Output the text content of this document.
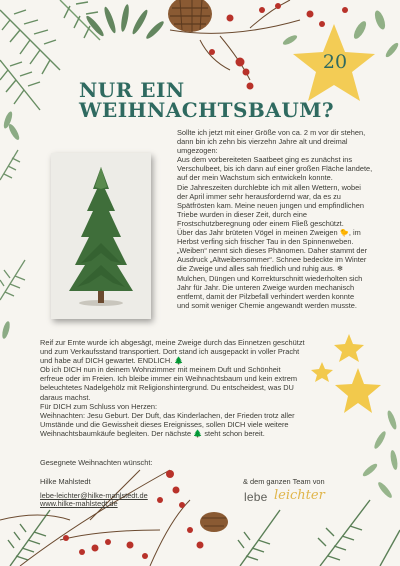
NUR EIN
WEIHNACHTSBAUM?
20

Sollte ich jetzt mit einer Größe von ca. 2 m vor dir stehen,

dann bin ich zehn bis vierzehn Jahre alt und dreimal

umgezogen:

Aus dem vorbereiteten Saatbeet ging es zunächst ins

Verschulbeet, bis ich dann auf einer großen Fläche landete,

auf der mein Wachstum sich entwickeln konnte.

Die Jahreszeiten durchlebte ich mit allen Wettern, wobei

der April immer sehr herausfordernd war, da es zu

Spätfrösten kam. Meine neuen jungen und empfindlichen

Triebe wurden in dieser Zeit, durch eine

Frostschutzberegnung oder einem Fließ geschützt.

Über das Jahr brüteten Vögel in meinen Zweigen 🐤, im

Herbst verfing sich frischer Tau in den Spinnenweben.

„Weiben“ nennt sich dieses Phänomen. Daher stammt der

Ausdruck „Altweibersommer“. Schnee bedeckte im Winter

die Zweige und alles sah friedlich und ruhig aus. ❄

Mulchen, Düngen und Korrekturschnitt wiederholten sich

Jahr für Jahr. Die unteren Zweige wurden mechanisch

entfernt, damit der Pilzbefall verhindert werden konnte

und somit weniger Chemie angewandt werden musste.

Reif zur Ernte wurde ich abgesägt, meine Zweige durch das Einnetzen geschützt

und zum Verkaufsstand transportiert. Dort stand ich ausgepackt in voller Pracht

und habe auf DICH gewartet. ENDLICH. 🌲

Ob ich DICH nun in deinem Wohnzimmer mit meinem Duft und Schönheit

erfreue oder im Freien. Ich bleibe immer ein Weihnachtsbaum und kein extrem

beleuchtetes Nadelgehölz mit Religionshintergrund. Du entscheidest, was DU

daraus machst.

Für DICH zum Schluss von Herzen:

Weihnachten: Jesu Geburt. Der Duft, das Kinderlachen, der Frieden trotz aller

Umstände und die Gewissheit dieses Ereignisses, sollen DICH viele weitere

Weihnachtsbaumkäufe begleiten. Der nächste 🌲 steht schon bereit.

Gesegnete Weihnachten wünscht:

Hilke Mahlstedt

lebe-leichter@hilke-mahlstedt.de
www.hilke-mahlstedt.de

& dem ganzen Team von

lebe leichter
